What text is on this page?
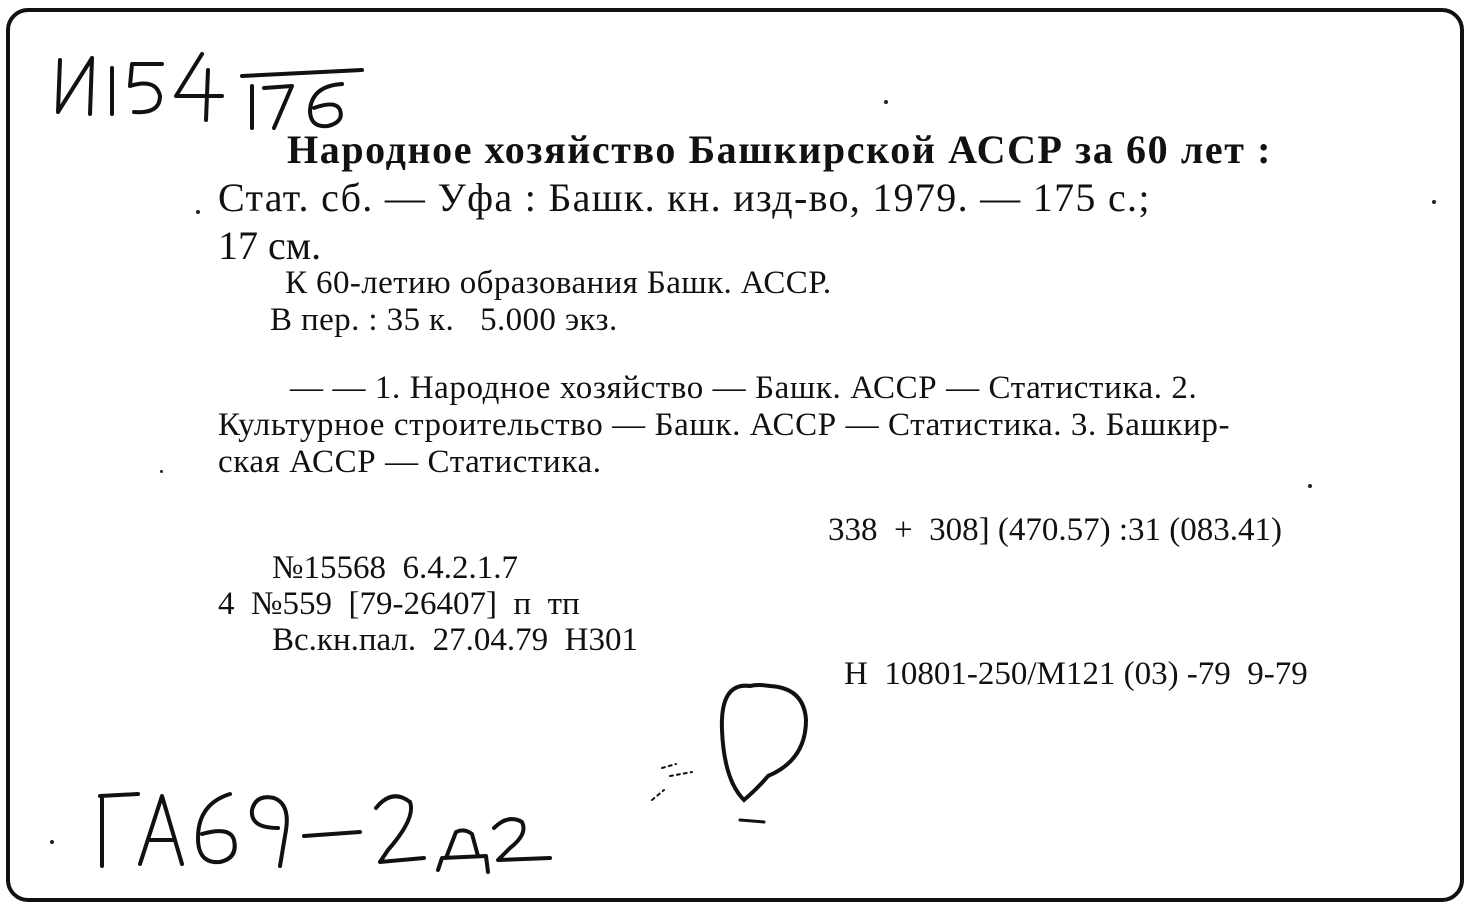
Народное хозяйство Башкирской АССР за 60 лет :
Стат. сб. — Уфа : Башк. кн. изд-во, 1979. — 175 с.;
17 см.
К 60-летию образования Башк. АССР.
В пер. : 35 к.   5.000 экз.
— — 1. Народное хозяйство — Башк. АССР — Статистика. 2.
Культурное строительство — Башк. АССР — Статистика. 3. Башкир-
ская АССР — Статистика.
338  +  308] (470.57) :31 (083.41)
№15568  6.4.2.1.7
4  №559  [79-26407]  п  тп
Вс.кн.пал.  27.04.79  Н301
Н  10801-250/М121 (03) -79  9-79
